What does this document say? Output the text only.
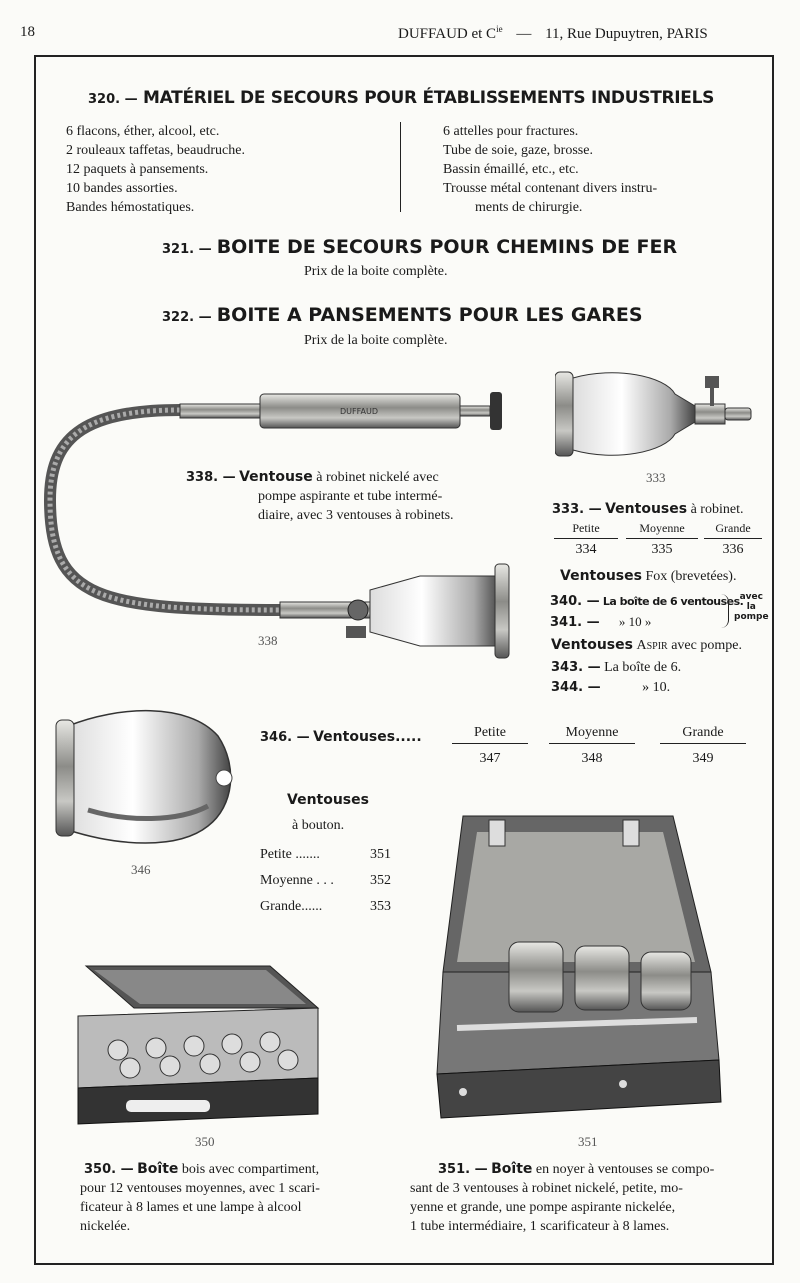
18	DUFFAUD et $C^{ie}$ — 11, Rue Dupuytren, PARIS
320. — MATÉRIEL DE SECOURS POUR ÉTABLISSEMENTS INDUSTRIELS
6 flacons, éther, alcool, etc.
2 rouleaux taffetas, beaudruche.
12 paquets à pansements.
10 bandes assorties.
Bandes hémostatiques.
6 attelles pour fractures.
Tube de soie, gaze, brosse.
Bassin émaillé, etc., etc.
Trousse métal contenant divers instru-
ments de chirurgie.
321. — BOITE DE SECOURS POUR CHEMINS DE FER
Prix de la boite complète.
322. — BOITE A PANSEMENTS POUR LES GARES
Prix de la boite complète.
DUFFAUD
338
338. — Ventouse à robinet nickelé avec
pompe aspirante et tube intermé-
diaire, avec 3 ventouses à robinets.
333
333. — Ventouses à robinet.
Petite	Moyenne	Grande
334	335	336
Ventouses Fox (brevetées).
340. — La boîte de 6 ventouses.
341. — » 10 »
avec
la
pompe
Ventouses Aspir avec pompe.
343. — La boîte de 6.
344. —	» 10.
346
346. — Ventouses.....	Petite	Moyenne	Grande
347	348	349
Ventouses
à bouton.
Petite .......	351
Moyenne . . .	352
Grande......	353
350	351
350. — Boîte bois avec compartiment,
pour 12 ventouses moyennes, avec 1 scari-
ficateur à 8 lames et une lampe à alcool
nickelée.
351. — Boîte en noyer à ventouses se compo-
sant de 3 ventouses à robinet nickelé, petite, mo-
yenne et grande, une pompe aspirante nickelée,
1 tube intermédiaire, 1 scarificateur à 8 lames.
